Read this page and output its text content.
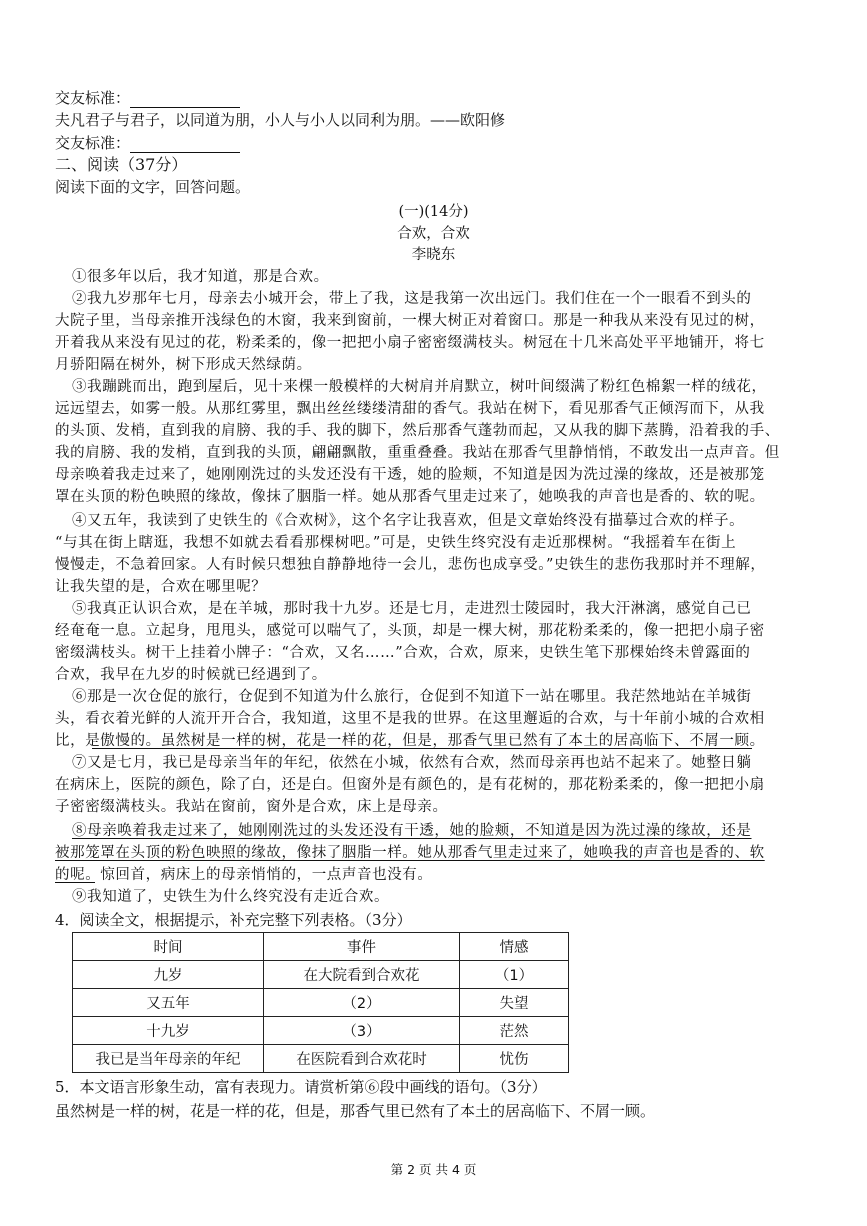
交友标准：
夫凡君子与君子，以同道为朋，小人与小人以同利为朋。——欧阳修
交友标准：
二、阅读（37分）
阅读下面的文字，回答问题。
(一)(14分)
合欢，合欢
李晓东
①很多年以后，我才知道，那是合欢。
②我九岁那年七月，母亲去小城开会，带上了我，这是我第一次出远门。我们住在一个一眼看不到头的
大院子里，当母亲推开浅绿色的木窗，我来到窗前，一棵大树正对着窗口。那是一种我从来没有见过的树，
开着我从来没有见过的花，粉柔柔的，像一把把小扇子密密缀满枝头。树冠在十几米高处平平地铺开，将七
月骄阳隔在树外，树下形成天然绿荫。
③我蹦跳而出，跑到屋后，见十来棵一般模样的大树肩并肩默立，树叶间缀满了粉红色棉絮一样的绒花，
远远望去，如雾一般。从那红雾里，飘出丝丝缕缕清甜的香气。我站在树下，看见那香气正倾泻而下，从我
的头顶、发梢，直到我的肩膀、我的手、我的脚下，然后那香气蓬勃而起，又从我的脚下蒸腾，沿着我的手、
我的肩膀、我的发梢，直到我的头顶，翩翩飘散，重重叠叠。我站在那香气里静悄悄，不敢发出一点声音。但
母亲唤着我走过来了，她刚刚洗过的头发还没有干透，她的脸颊，不知道是因为洗过澡的缘故，还是被那笼
罩在头顶的粉色映照的缘故，像抹了胭脂一样。她从那香气里走过来了，她唤我的声音也是香的、软的呢。
④又五年，我读到了史铁生的《合欢树》，这个名字让我喜欢，但是文章始终没有描摹过合欢的样子。
“与其在街上瞎逛，我想不如就去看看那棵树吧。”可是，史铁生终究没有走近那棵树。“我摇着车在街上
慢慢走，不急着回家。人有时候只想独自静静地待一会儿，悲伤也成享受。”史铁生的悲伤我那时并不理解，
让我失望的是，合欢在哪里呢？
⑤我真正认识合欢，是在羊城，那时我十九岁。还是七月，走进烈士陵园时，我大汗淋漓，感觉自己已
经奄奄一息。立起身，甩甩头，感觉可以喘气了，头顶，却是一棵大树，那花粉柔柔的，像一把把小扇子密
密缀满枝头。树干上挂着小牌子：“合欢，又名……”合欢，合欢，原来，史铁生笔下那棵始终未曾露面的
合欢，我早在九岁的时候就已经遇到了。
⑥那是一次仓促的旅行，仓促到不知道为什么旅行，仓促到不知道下一站在哪里。我茫然地站在羊城街
头，看衣着光鲜的人流开开合合，我知道，这里不是我的世界。在这里邂逅的合欢，与十年前小城的合欢相
比，是傲慢的。虽然树是一样的树，花是一样的花，但是，那香气里已然有了本土的居高临下、不屑一顾。
⑦又是七月，我已是母亲当年的年纪，依然在小城，依然有合欢，然而母亲再也站不起来了。她整日躺
在病床上，医院的颜色，除了白，还是白。但窗外是有颜色的，是有花树的，那花粉柔柔的，像一把把小扇
子密密缀满枝头。我站在窗前，窗外是合欢，床上是母亲。
⑧母亲唤着我走过来了，她刚刚洗过的头发还没有干透，她的脸颊，不知道是因为洗过澡的缘故，还是
被那笼罩在头顶的粉色映照的缘故，像抹了胭脂一样。她从那香气里走过来了，她唤我的声音也是香的、软
的呢。惊回首，病床上的母亲悄悄的，一点声音也没有。
⑨我知道了，史铁生为什么终究没有走近合欢。
4．阅读全文，根据提示，补充完整下列表格。（3分）
时间	事件	情感
九岁	在大院看到合欢花	（1）
又五年	（2）	失望
十九岁	（3）	茫然
我已是当年母亲的年纪	在医院看到合欢花时	忧伤
5．本文语言形象生动，富有表现力。请赏析第⑥段中画线的语句。（3分）
虽然树是一样的树，花是一样的花，但是，那香气里已然有了本土的居高临下、不屑一顾。
第 2 页 共 4 页
